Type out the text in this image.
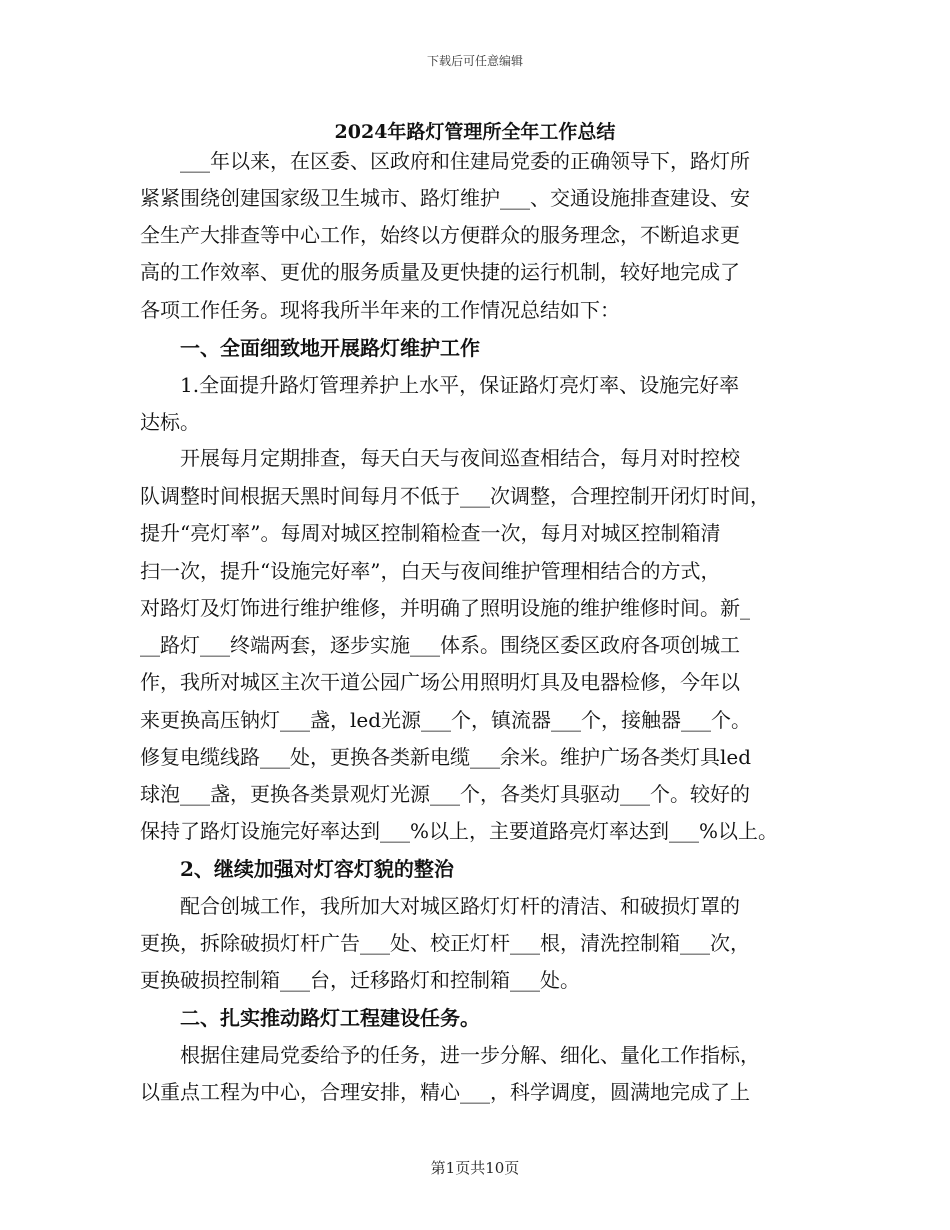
下载后可任意编辑
2024年路灯管理所全年工作总结
　　___年以来，在区委、区政府和住建局党委的正确领导下，路灯所
紧紧围绕创建国家级卫生城市、路灯维护___、交通设施排查建设、安
全生产大排查等中心工作，始终以方便群众的服务理念，不断追求更
高的工作效率、更优的服务质量及更快捷的运行机制，较好地完成了
各项工作任务。现将我所半年来的工作情况总结如下：
　　一、全面细致地开展路灯维护工作
　　1.全面提升路灯管理养护上水平，保证路灯亮灯率、设施完好率
达标。
　　开展每月定期排查，每天白天与夜间巡查相结合，每月对时控校
队调整时间根据天黑时间每月不低于___次调整，合理控制开闭灯时间，
提升“亮灯率”。每周对城区控制箱检查一次，每月对城区控制箱清
扫一次，提升“设施完好率”，白天与夜间维护管理相结合的方式，
对路灯及灯饰进行维护维修，并明确了照明设施的维护维修时间。新_
__路灯___终端两套，逐步实施___体系。围绕区委区政府各项创城工
作，我所对城区主次干道公园广场公用照明灯具及电器检修，今年以
来更换高压钠灯___盏，led光源___个，镇流器___个，接触器___个。
修复电缆线路___处，更换各类新电缆___余米。维护广场各类灯具led
球泡___盏，更换各类景观灯光源___个，各类灯具驱动___个。较好的
保持了路灯设施完好率达到___%以上，主要道路亮灯率达到___%以上。
　　2、继续加强对灯容灯貌的整治
　　配合创城工作，我所加大对城区路灯灯杆的清洁、和破损灯罩的
更换，拆除破损灯杆广告___处、校正灯杆___根，清洗控制箱___次，
更换破损控制箱___台，迁移路灯和控制箱___处。
　　二、扎实推动路灯工程建设任务。
　　根据住建局党委给予的任务，进一步分解、细化、量化工作指标，
以重点工程为中心，合理安排，精心___，科学调度，圆满地完成了上
第1页共10页
